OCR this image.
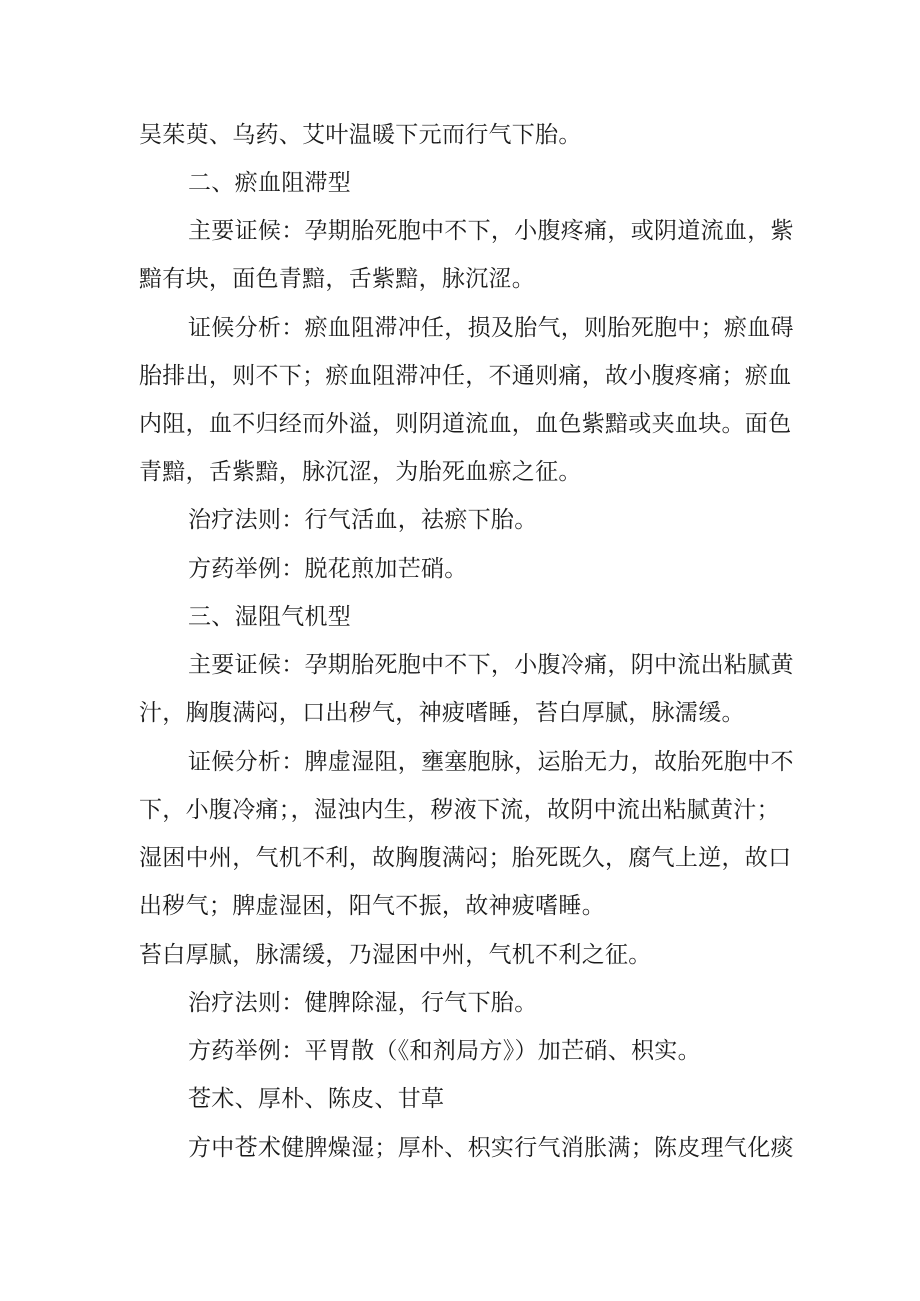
吴茱萸、乌药、艾叶温暖下元而行气下胎。
二、瘀血阻滞型
主要证候：孕期胎死胞中不下，小腹疼痛，或阴道流血，紫
黯有块，面色青黯，舌紫黯，脉沉涩。
证候分析：瘀血阻滞冲任，损及胎气，则胎死胞中；瘀血碍
胎排出，则不下；瘀血阻滞冲任，不通则痛，故小腹疼痛；瘀血
内阻，血不归经而外溢，则阴道流血，血色紫黯或夹血块。面色
青黯，舌紫黯，脉沉涩，为胎死血瘀之征。
治疗法则：行气活血，祛瘀下胎。
方药举例：脱花煎加芒硝。
三、湿阻气机型
主要证候：孕期胎死胞中不下，小腹冷痛，阴中流出粘腻黄
汁，胸腹满闷，口出秽气，神疲嗜睡，苔白厚腻，脉濡缓。
证候分析：脾虚湿阻，壅塞胞脉，运胎无力，故胎死胞中不
下，小腹冷痛；，湿浊内生，秽液下流，故阴中流出粘腻黄汁；
湿困中州，气机不利，故胸腹满闷；胎死既久，腐气上逆，故口
出秽气；脾虚湿困，阳气不振，故神疲嗜睡。
苔白厚腻，脉濡缓，乃湿困中州，气机不利之征。
治疗法则：健脾除湿，行气下胎。
方药举例：平胃散（《和剂局方》）加芒硝、枳实。
苍术、厚朴、陈皮、甘草
方中苍术健脾燥湿；厚朴、枳实行气消胀满；陈皮理气化痰
